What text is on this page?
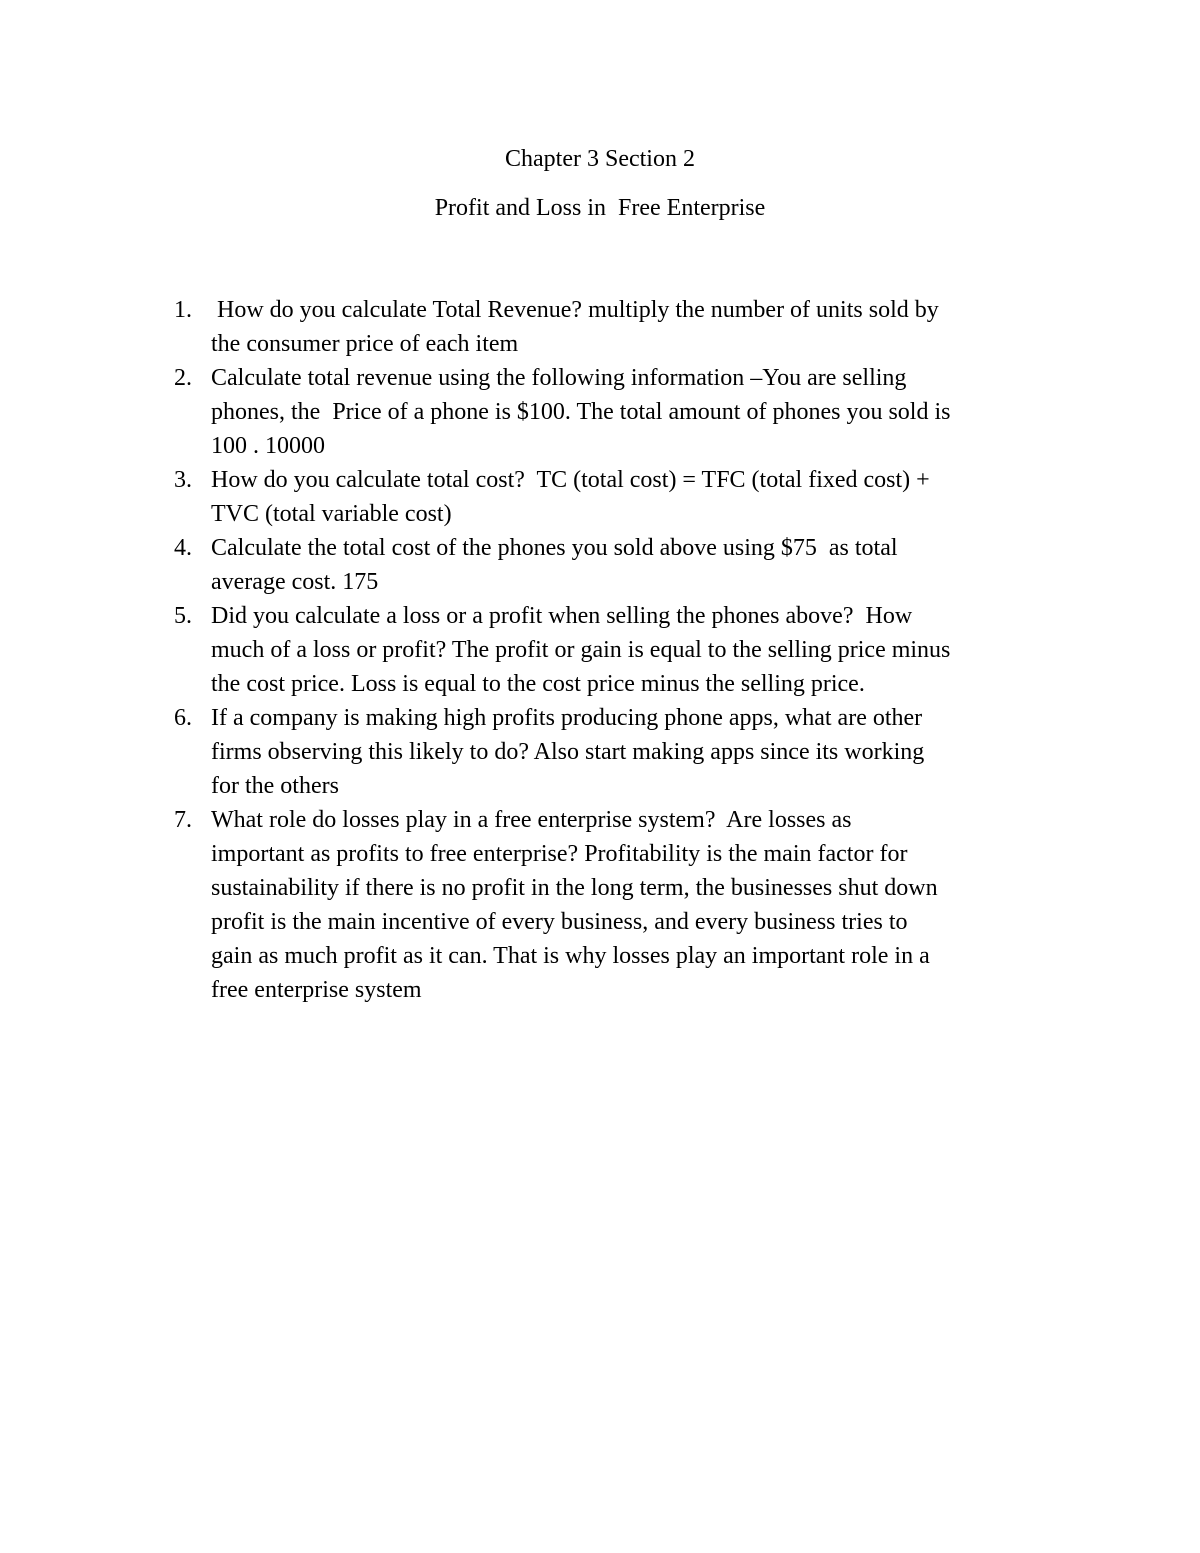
Chapter 3 Section 2
Profit and Loss in  Free Enterprise
1. How do you calculate Total Revenue? multiply the number of units sold by
the consumer price of each item
2. Calculate total revenue using the following information –You are selling
phones, the  Price of a phone is $100. The total amount of phones you sold is
100 . 10000
3. How do you calculate total cost?  TC (total cost) = TFC (total fixed cost) +
TVC (total variable cost)
4. Calculate the total cost of the phones you sold above using $75  as total
average cost. 175
5. Did you calculate a loss or a profit when selling the phones above?  How
much of a loss or profit? The profit or gain is equal to the selling price minus
the cost price. Loss is equal to the cost price minus the selling price.
6. If a company is making high profits producing phone apps, what are other
firms observing this likely to do? Also start making apps since its working
for the others
7. What role do losses play in a free enterprise system?  Are losses as
important as profits to free enterprise? Profitability is the main factor for
sustainability if there is no profit in the long term, the businesses shut down
profit is the main incentive of every business, and every business tries to
gain as much profit as it can. That is why losses play an important role in a
free enterprise system
